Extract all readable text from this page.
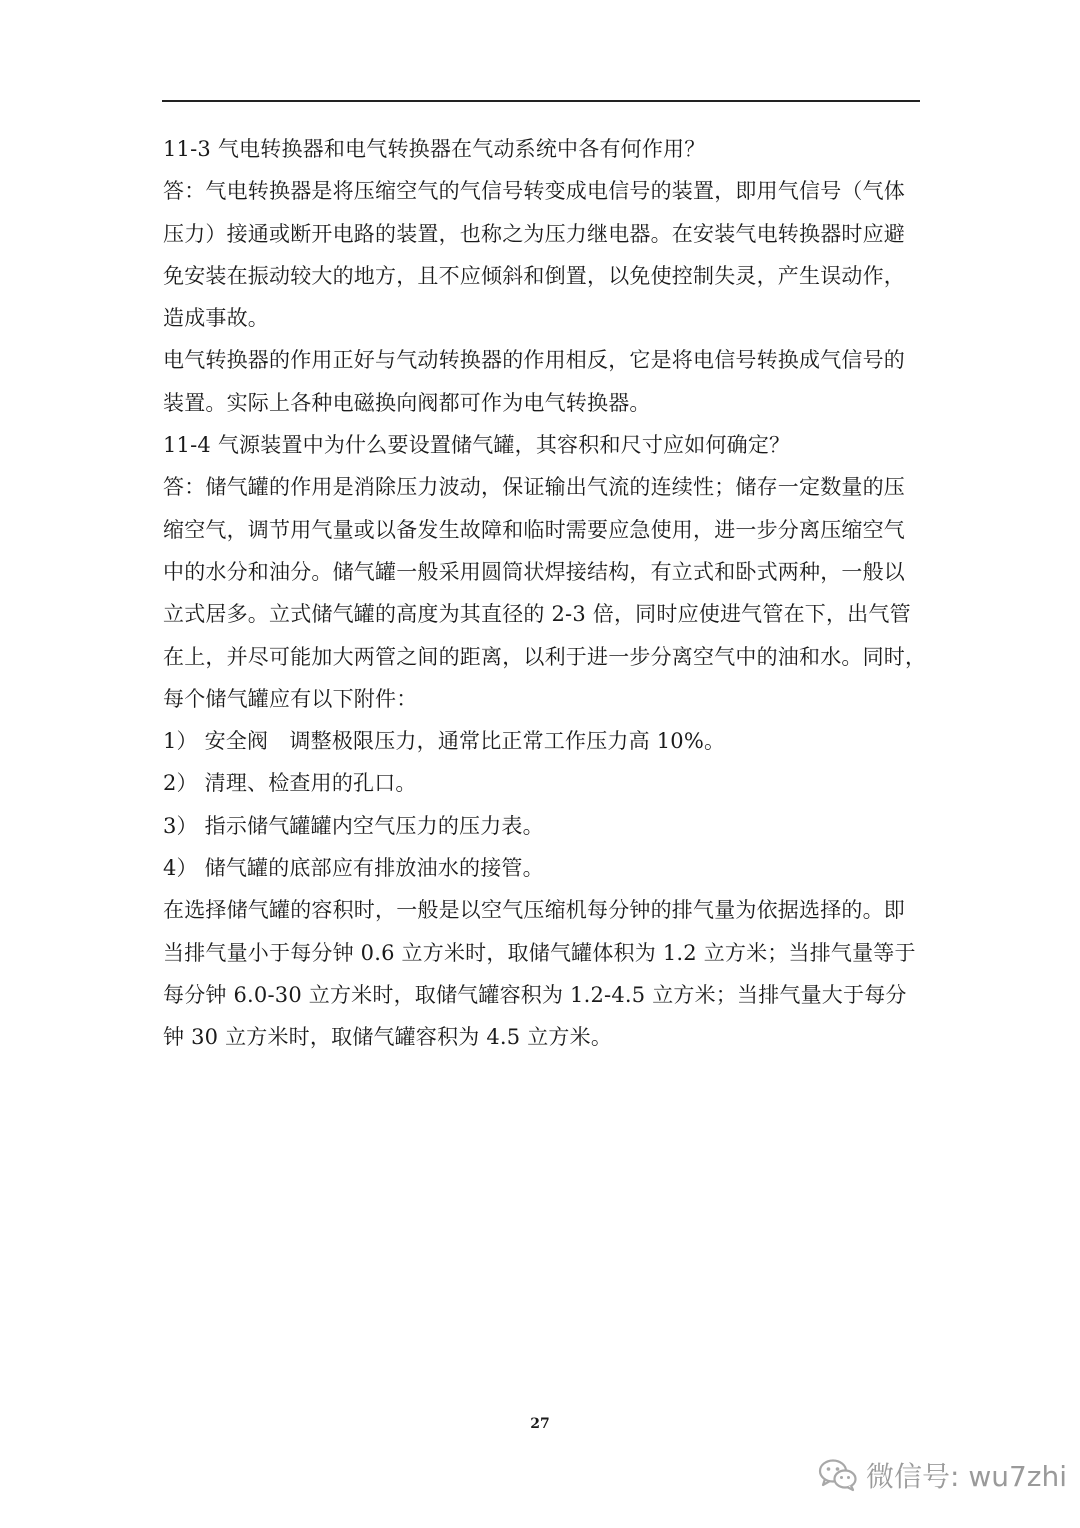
11-3 气电转换器和电气转换器在气动系统中各有何作用？
答：气电转换器是将压缩空气的气信号转变成电信号的装置，即用气信号（气体
压力）接通或断开电路的装置，也称之为压力继电器。在安装气电转换器时应避
免安装在振动较大的地方，且不应倾斜和倒置，以免使控制失灵，产生误动作，
造成事故。
电气转换器的作用正好与气动转换器的作用相反，它是将电信号转换成气信号的
装置。实际上各种电磁换向阀都可作为电气转换器。
11-4 气源装置中为什么要设置储气罐，其容积和尺寸应如何确定？
答：储气罐的作用是消除压力波动，保证输出气流的连续性；储存一定数量的压
缩空气，调节用气量或以备发生故障和临时需要应急使用，进一步分离压缩空气
中的水分和油分。储气罐一般采用圆筒状焊接结构，有立式和卧式两种，一般以
立式居多。立式储气罐的高度为其直径的 2-3 倍，同时应使进气管在下，出气管
在上，并尽可能加大两管之间的距离，以利于进一步分离空气中的油和水。同时，
每个储气罐应有以下附件：
1） 安全阀　调整极限压力，通常比正常工作压力高 10%。
2） 清理、检查用的孔口。
3） 指示储气罐罐内空气压力的压力表。
4） 储气罐的底部应有排放油水的接管。
在选择储气罐的容积时，一般是以空气压缩机每分钟的排气量为依据选择的。即
当排气量小于每分钟 0.6 立方米时，取储气罐体积为 1.2 立方米；当排气量等于
每分钟 6.0-30 立方米时，取储气罐容积为 1.2-4.5 立方米；当排气量大于每分
钟 30 立方米时，取储气罐容积为 4.5 立方米。
27
微信号: wu7zhi
